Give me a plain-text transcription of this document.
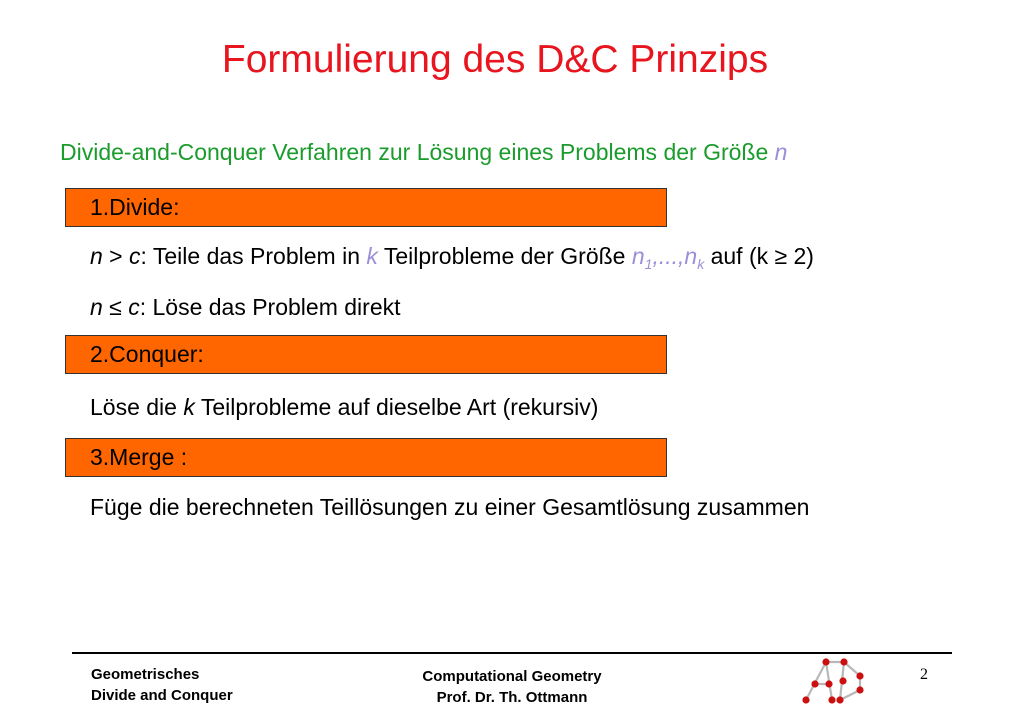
Formulierung des D&C Prinzips
Divide-and-Conquer Verfahren zur Lösung eines Problems der Größe n
1.Divide:
n > c: Teile das Problem in k Teilprobleme der Größe $n_1,...,n_k$ auf (k ≥ 2)
n ≤ c: Löse das Problem direkt
2.Conquer:
Löse die k Teilprobleme auf dieselbe Art (rekursiv)
3.Merge :
Füge die berechneten Teillösungen zu einer Gesamtlösung zusammen
Geometrisches
Divide and Conquer
Computational Geometry
Prof. Dr. Th. Ottmann
2
